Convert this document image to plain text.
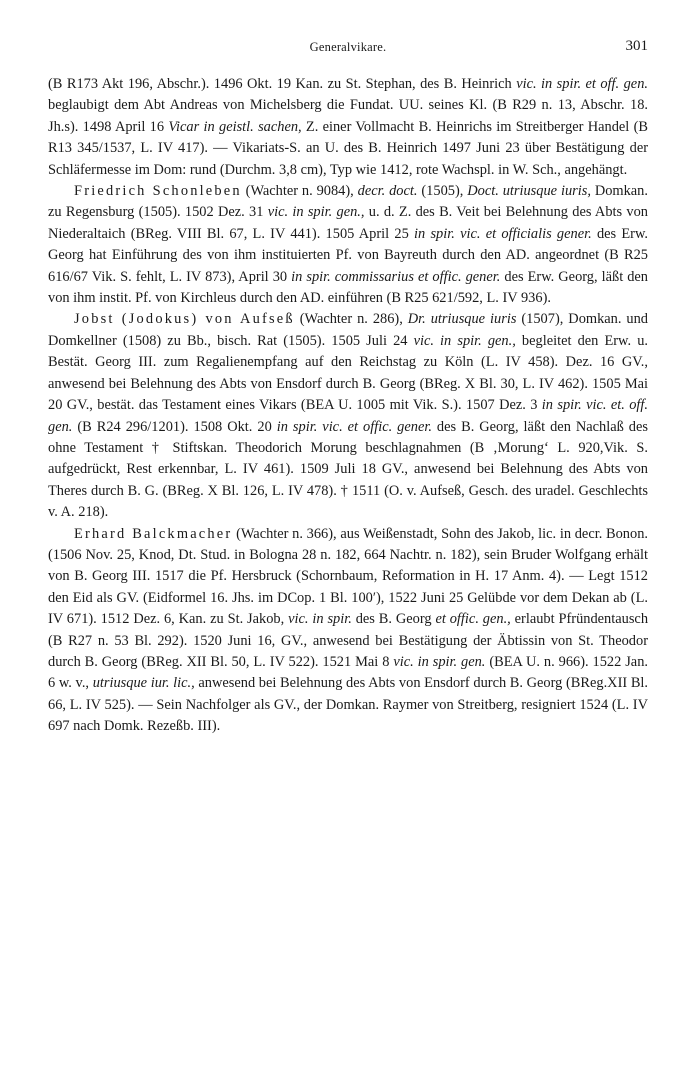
Generalvikare.	301

(B R173 Akt 196, Abschr.). 1496 Okt. 19 Kan. zu St. Stephan, des B. Heinrich vic. in spir. et off. gen. beglaubigt dem Abt Andreas von Michelsberg die Fundat. UU. seines Kl. (B R29 n. 13, Abschr. 18. Jh.s). 1498 April 16 Vicar in geistl. sachen, Z. einer Vollmacht B. Heinrichs im Streitberger Handel (B R13 345/1537, L. IV 417). — Vikariats-S. an U. des B. Heinrich 1497 Juni 23 über Bestätigung der Schläfermesse im Dom: rund (Durchm. 3,8 cm), Typ wie 1412, rote Wachspl. in W. Sch., angehängt.

Friedrich Schonleben (Wachter n. 9084), decr. doct. (1505), Doct. utriusque iuris, Domkan. zu Regensburg (1505). 1502 Dez. 31 vic. in spir. gen., u. d. Z. des B. Veit bei Belehnung des Abts von Niederaltaich (BReg. VIII Bl. 67, L. IV 441). 1505 April 25 in spir. vic. et officialis gener. des Erw. Georg hat Einführung des von ihm instituierten Pf. von Bayreuth durch den AD. angeordnet (B R25 616/67 Vik. S. fehlt, L. IV 873), April 30 in spir. commissarius et offic. gener. des Erw. Georg, läßt den von ihm instit. Pf. von Kirchleus durch den AD. einführen (B R25 621/592, L. IV 936).

Jobst (Jodokus) von Aufseß (Wachter n. 286), Dr. utriusque iuris (1507), Domkan. und Domkellner (1508) zu Bb., bisch. Rat (1505). 1505 Juli 24 vic. in spir. gen., begleitet den Erw. u. Bestät. Georg III. zum Regalienempfang auf den Reichstag zu Köln (L. IV 458). Dez. 16 GV., anwesend bei Belehnung des Abts von Ensdorf durch B. Georg (BReg. X Bl. 30, L. IV 462). 1505 Mai 20 GV., bestät. das Testament eines Vikars (BEA U. 1005 mit Vik. S.). 1507 Dez. 3 in spir. vic. et. off. gen. (B R24 296/1201). 1508 Okt. 20 in spir. vic. et offic. gener. des B. Georg, läßt den Nachlaß des ohne Testament † Stiftskan. Theodorich Morung beschlagnahmen (B ‚Morung‘ L. 920,Vik. S. aufgedrückt, Rest erkennbar, L. IV 461). 1509 Juli 18 GV., anwesend bei Belehnung des Abts von Theres durch B. G. (BReg. X Bl. 126, L. IV 478). † 1511 (O. v. Aufseß, Gesch. des uradel. Geschlechts v. A. 218).

Erhard Balckmacher (Wachter n. 366), aus Weißenstadt, Sohn des Jakob, lic. in decr. Bonon. (1506 Nov. 25, Knod, Dt. Stud. in Bologna 28 n. 182, 664 Nachtr. n. 182), sein Bruder Wolfgang erhält von B. Georg III. 1517 die Pf. Hersbruck (Schornbaum, Reformation in H. 17 Anm. 4). — Legt 1512 den Eid als GV. (Eidformel 16. Jhs. im DCop. 1 Bl. 100′), 1522 Juni 25 Gelübde vor dem Dekan ab (L. IV 671). 1512 Dez. 6, Kan. zu St. Jakob, vic. in spir. des B. Georg et offic. gen., erlaubt Pfründentausch (B R27 n. 53 Bl. 292). 1520 Juni 16, GV., anwesend bei Bestätigung der Äbtissin von St. Theodor durch B. Georg (BReg. XII Bl. 50, L. IV 522). 1521 Mai 8 vic. in spir. gen. (BEA U. n. 966). 1522 Jan. 6 w. v., utriusque iur. lic., anwesend bei Belehnung des Abts von Ensdorf durch B. Georg (BReg.XII Bl. 66, L. IV 525). — Sein Nachfolger als GV., der Domkan. Raymer von Streitberg, resigniert 1524 (L. IV 697 nach Domk. Rezeßb. III).
